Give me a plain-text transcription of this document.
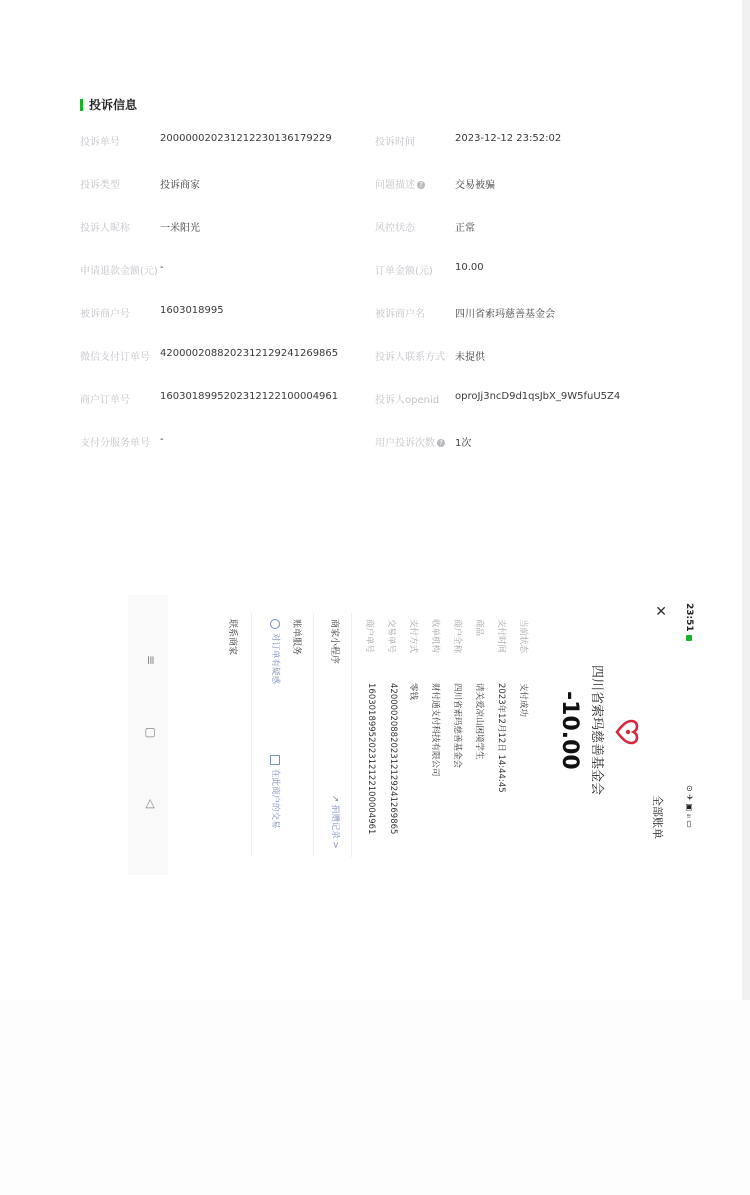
投诉信息
投诉单号	200000020231212230136179229	投诉时间	2023-12-12 23:52:02
投诉类型	投诉商家	问题描述 ?	交易被骗
投诉人昵称	一米阳光	风控状态	正常
申请退款金额(元) -	订单金额(元) 10.00
被诉商户号	1603018995	被诉商户名	四川省索玛慈善基金会
微信支付订单号 4200002088202312129241269865	投诉人联系方式 未提供
商户订单号	16030189952023121221000049​61	投诉人openid oproJj3ncD9d1qsJbX_9W5fuU5Z4
支付分服务单号 -	用户投诉次数 ? 1次
23:51
⊙ ✈ ▣ ᵢₗₗ ▭
✕
全部账单
四川省索玛慈善基金会
-10.00
当前状态
支付成功
支付时间
2023年12月12日 14:44:45
商品
请关爱凉山困境学生
商户全称
四川省索玛慈善基金会
收单机构
财付通支付科技有限公司
支付方式
零钱
交易单号
4200002088202312129241269865
商户单号
16030189952023121221000049​61
商家小程序
↗ 捐赠记录 >
账单服务
对订单有疑惑
在此商户的交易
联系商家
≡
▢
◁
